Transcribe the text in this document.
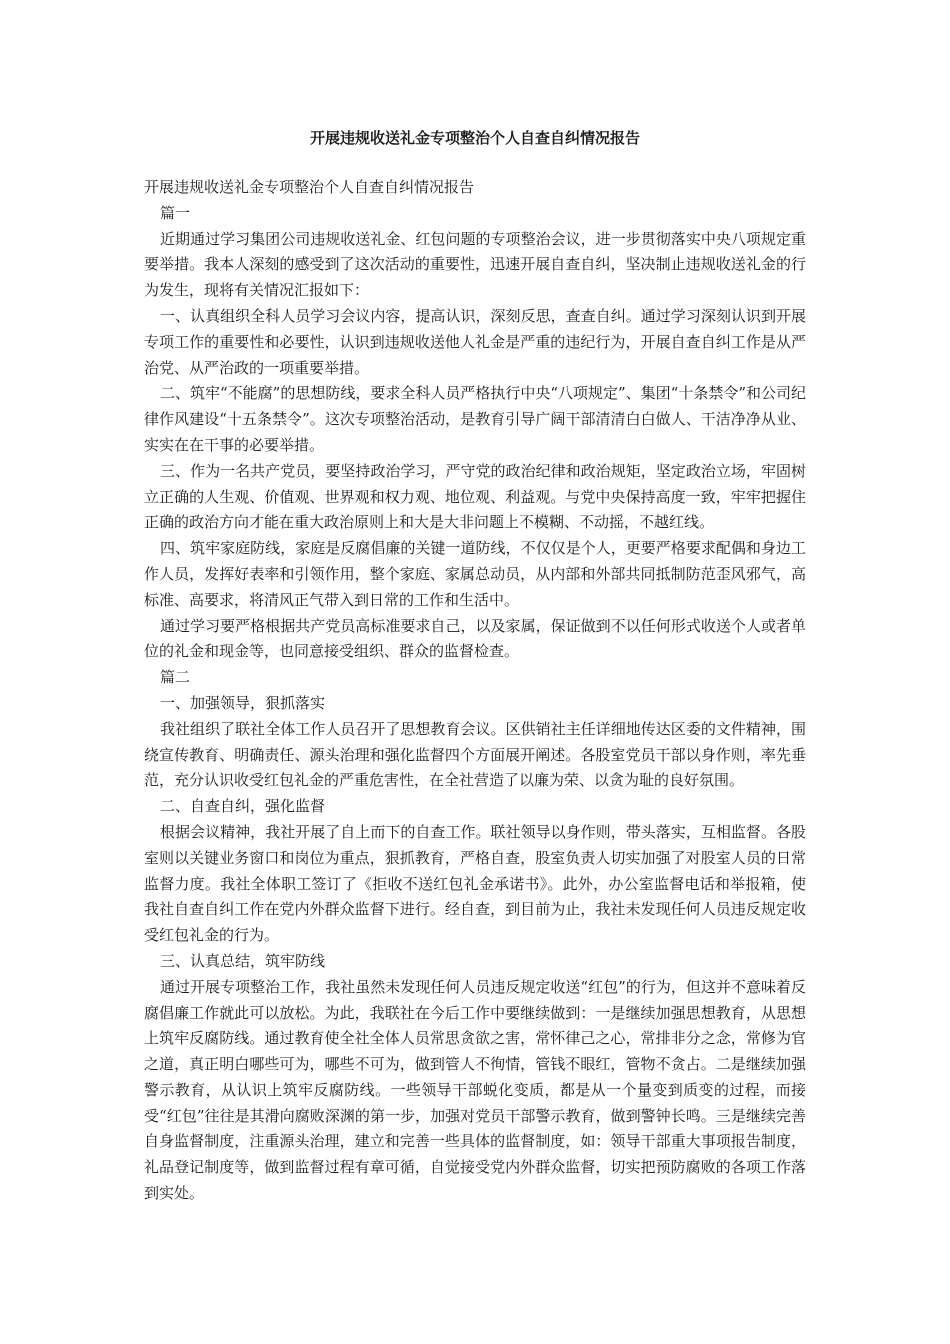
开展违规收送礼金专项整治个人自查自纠情况报告

开展违规收送礼金专项整治个人自查自纠情况报告

篇一

近期通过学习集团公司违规收送礼金、红包问题的专项整治会议，进一步贯彻落实中央八项规定重要举措。我本人深刻的感受到了这次活动的重要性，迅速开展自查自纠，坚决制止违规收送礼金的行为发生，现将有关情况汇报如下：

一、认真组织全科人员学习会议内容，提高认识，深刻反思，查查自纠。通过学习深刻认识到开展专项工作的重要性和必要性，认识到违规收送他人礼金是严重的违纪行为，开展自查自纠工作是从严治党、从严治政的一项重要举措。

二、筑牢“不能腐”的思想防线，要求全科人员严格执行中央“八项规定”、集团“十条禁令”和公司纪律作风建设“十五条禁令”。这次专项整治活动，是教育引导广阔干部清清白白做人、干洁净净从业、实实在在干事的必要举措。

三、作为一名共产党员，要坚持政治学习，严守党的政治纪律和政治规矩，坚定政治立场，牢固树立正确的人生观、价值观、世界观和权力观、地位观、利益观。与党中央保持高度一致，牢牢把握住正确的政治方向才能在重大政治原则上和大是大非问题上不模糊、不动摇，不越红线。

四、筑牢家庭防线，家庭是反腐倡廉的关键一道防线，不仅仅是个人，更要严格要求配偶和身边工作人员，发挥好表率和引领作用，整个家庭、家属总动员，从内部和外部共同抵制防范歪风邪气，高标准、高要求，将清风正气带入到日常的工作和生活中。

通过学习要严格根据共产党员高标准要求自己，以及家属，保证做到不以任何形式收送个人或者单位的礼金和现金等，也同意接受组织、群众的监督检查。

篇二

一、加强领导，狠抓落实

我社组织了联社全体工作人员召开了思想教育会议。区供销社主任详细地传达区委的文件精神，围绕宣传教育、明确责任、源头治理和强化监督四个方面展开阐述。各股室党员干部以身作则，率先垂范，充分认识收受红包礼金的严重危害性，在全社营造了以廉为荣、以贪为耻的良好氛围。

二、自查自纠，强化监督

根据会议精神，我社开展了自上而下的自查工作。联社领导以身作则，带头落实，互相监督。各股室则以关键业务窗口和岗位为重点，狠抓教育，严格自查，股室负责人切实加强了对股室人员的日常监督力度。我社全体职工签订了《拒收不送红包礼金承诺书》。此外，办公室监督电话和举报箱，使我社自查自纠工作在党内外群众监督下进行。经自查，到目前为止，我社未发现任何人员违反规定收受红包礼金的行为。

三、认真总结，筑牢防线

通过开展专项整治工作，我社虽然未发现任何人员违反规定收送“红包”的行为，但这并不意味着反腐倡廉工作就此可以放松。为此，我联社在今后工作中要继续做到：一是继续加强思想教育，从思想上筑牢反腐防线。通过教育使全社全体人员常思贪欲之害，常怀律己之心，常排非分之念，常修为官之道，真正明白哪些可为，哪些不可为，做到管人不徇情，管钱不眼红，管物不贪占。二是继续加强警示教育，从认识上筑牢反腐防线。一些领导干部蜕化变质，都是从一个量变到质变的过程，而接受“红包”往往是其滑向腐败深渊的第一步，加强对党员干部警示教育，做到警钟长鸣。三是继续完善自身监督制度，注重源头治理，建立和完善一些具体的监督制度，如：领导干部重大事项报告制度，礼品登记制度等，做到监督过程有章可循，自觉接受党内外群众监督，切实把预防腐败的各项工作落到实处。
